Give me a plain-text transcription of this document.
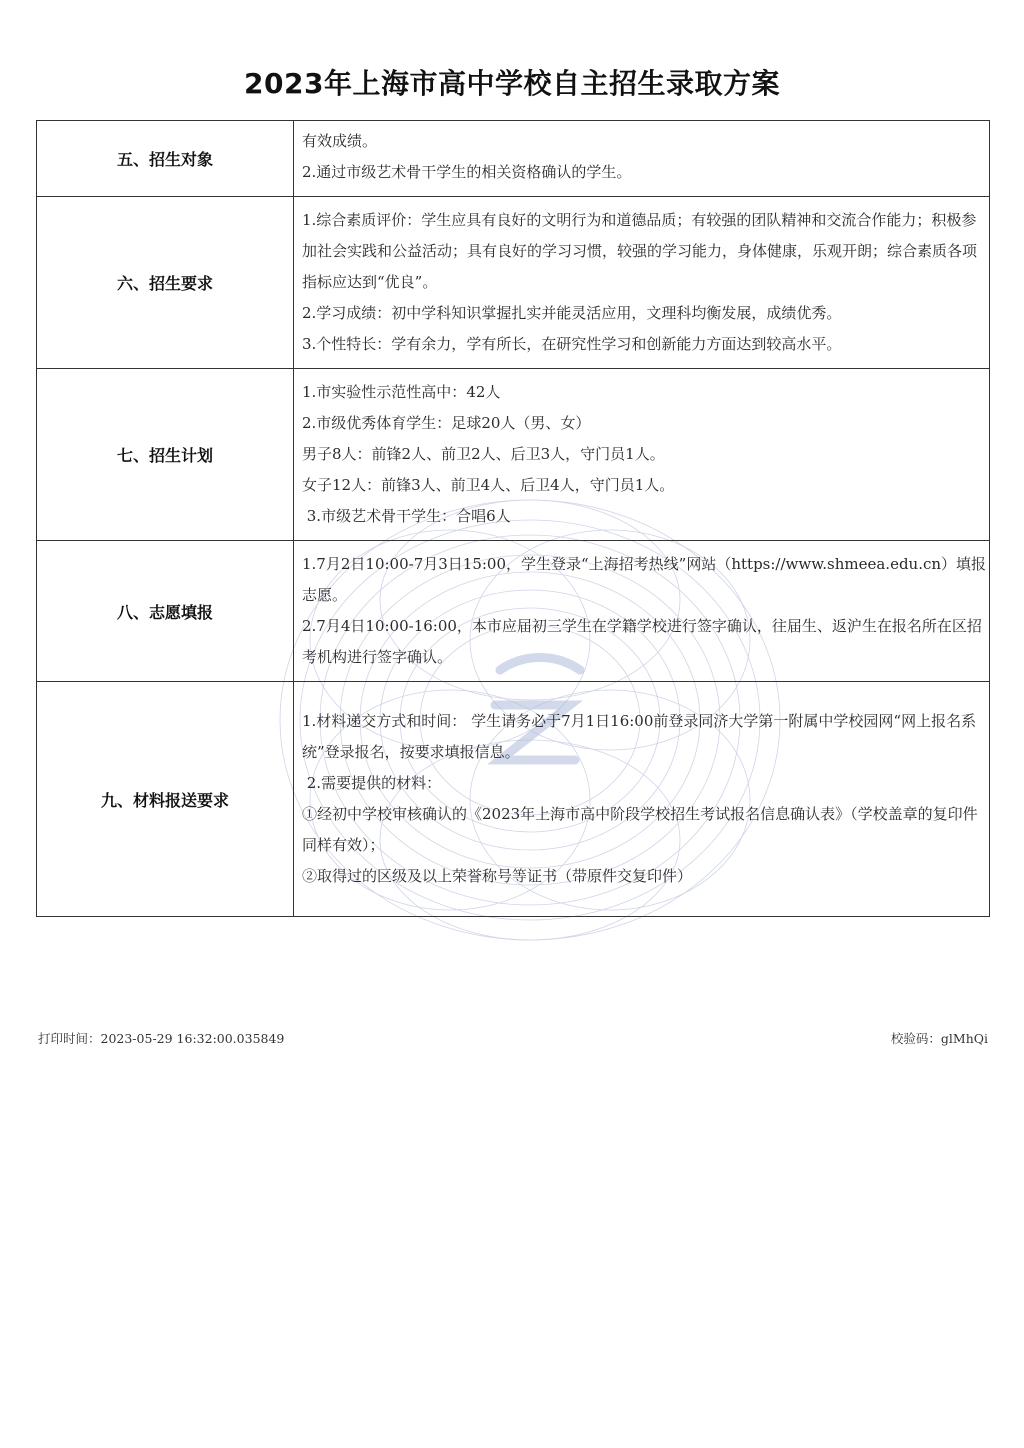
2023年上海市高中学校自主招生录取方案
五、招生对象	有效成绩。

2.通过市级艺术骨干学生的相关资格确认的学生。

六、招生要求	1.综合素质评价：学生应具有良好的文明行为和道德品质；有较强的团队精神和交流合作能力；积极参加社会实践和公益活动；具有良好的学习习惯，较强的学习能力，身体健康，乐观开朗；综合素质各项指标应达到“优良”。

2.学习成绩：初中学科知识掌握扎实并能灵活应用，文理科均衡发展，成绩优秀。

3.个性特长：学有余力，学有所长，在研究性学习和创新能力方面达到较高水平。

七、招生计划	1.市实验性示范性高中：42人

2.市级优秀体育学生：足球20人（男、女）

男子8人：前锋2人、前卫2人、后卫3人，守门员1人。

女子12人：前锋3人、前卫4人、后卫4人，守门员1人。

3.市级艺术骨干学生：合唱6人

八、志愿填报	1.7月2日10:00-7月3日15:00，学生登录“上海招考热线”网站（https://www.shmeea.edu.cn）填报志愿。

2.7月4日10:00-16:00，本市应届初三学生在学籍学校进行签字确认，往届生、返沪生在报名所在区招考机构进行签字确认。

九、材料报送要求	1.材料递交方式和时间： 学生请务必于7月1日16:00前登录同济大学第一附属中学校园网“网上报名系统”登录报名，按要求填报信息。

2.需要提供的材料：

①经初中学校审核确认的《2023年上海市高中阶段学校招生考试报名信息确认表》（学校盖章的复印件同样有效）；

②取得过的区级及以上荣誉称号等证书（带原件交复印件）

打印时间：2023-05-29 16:32:00.035849	校验码：glMhQi
